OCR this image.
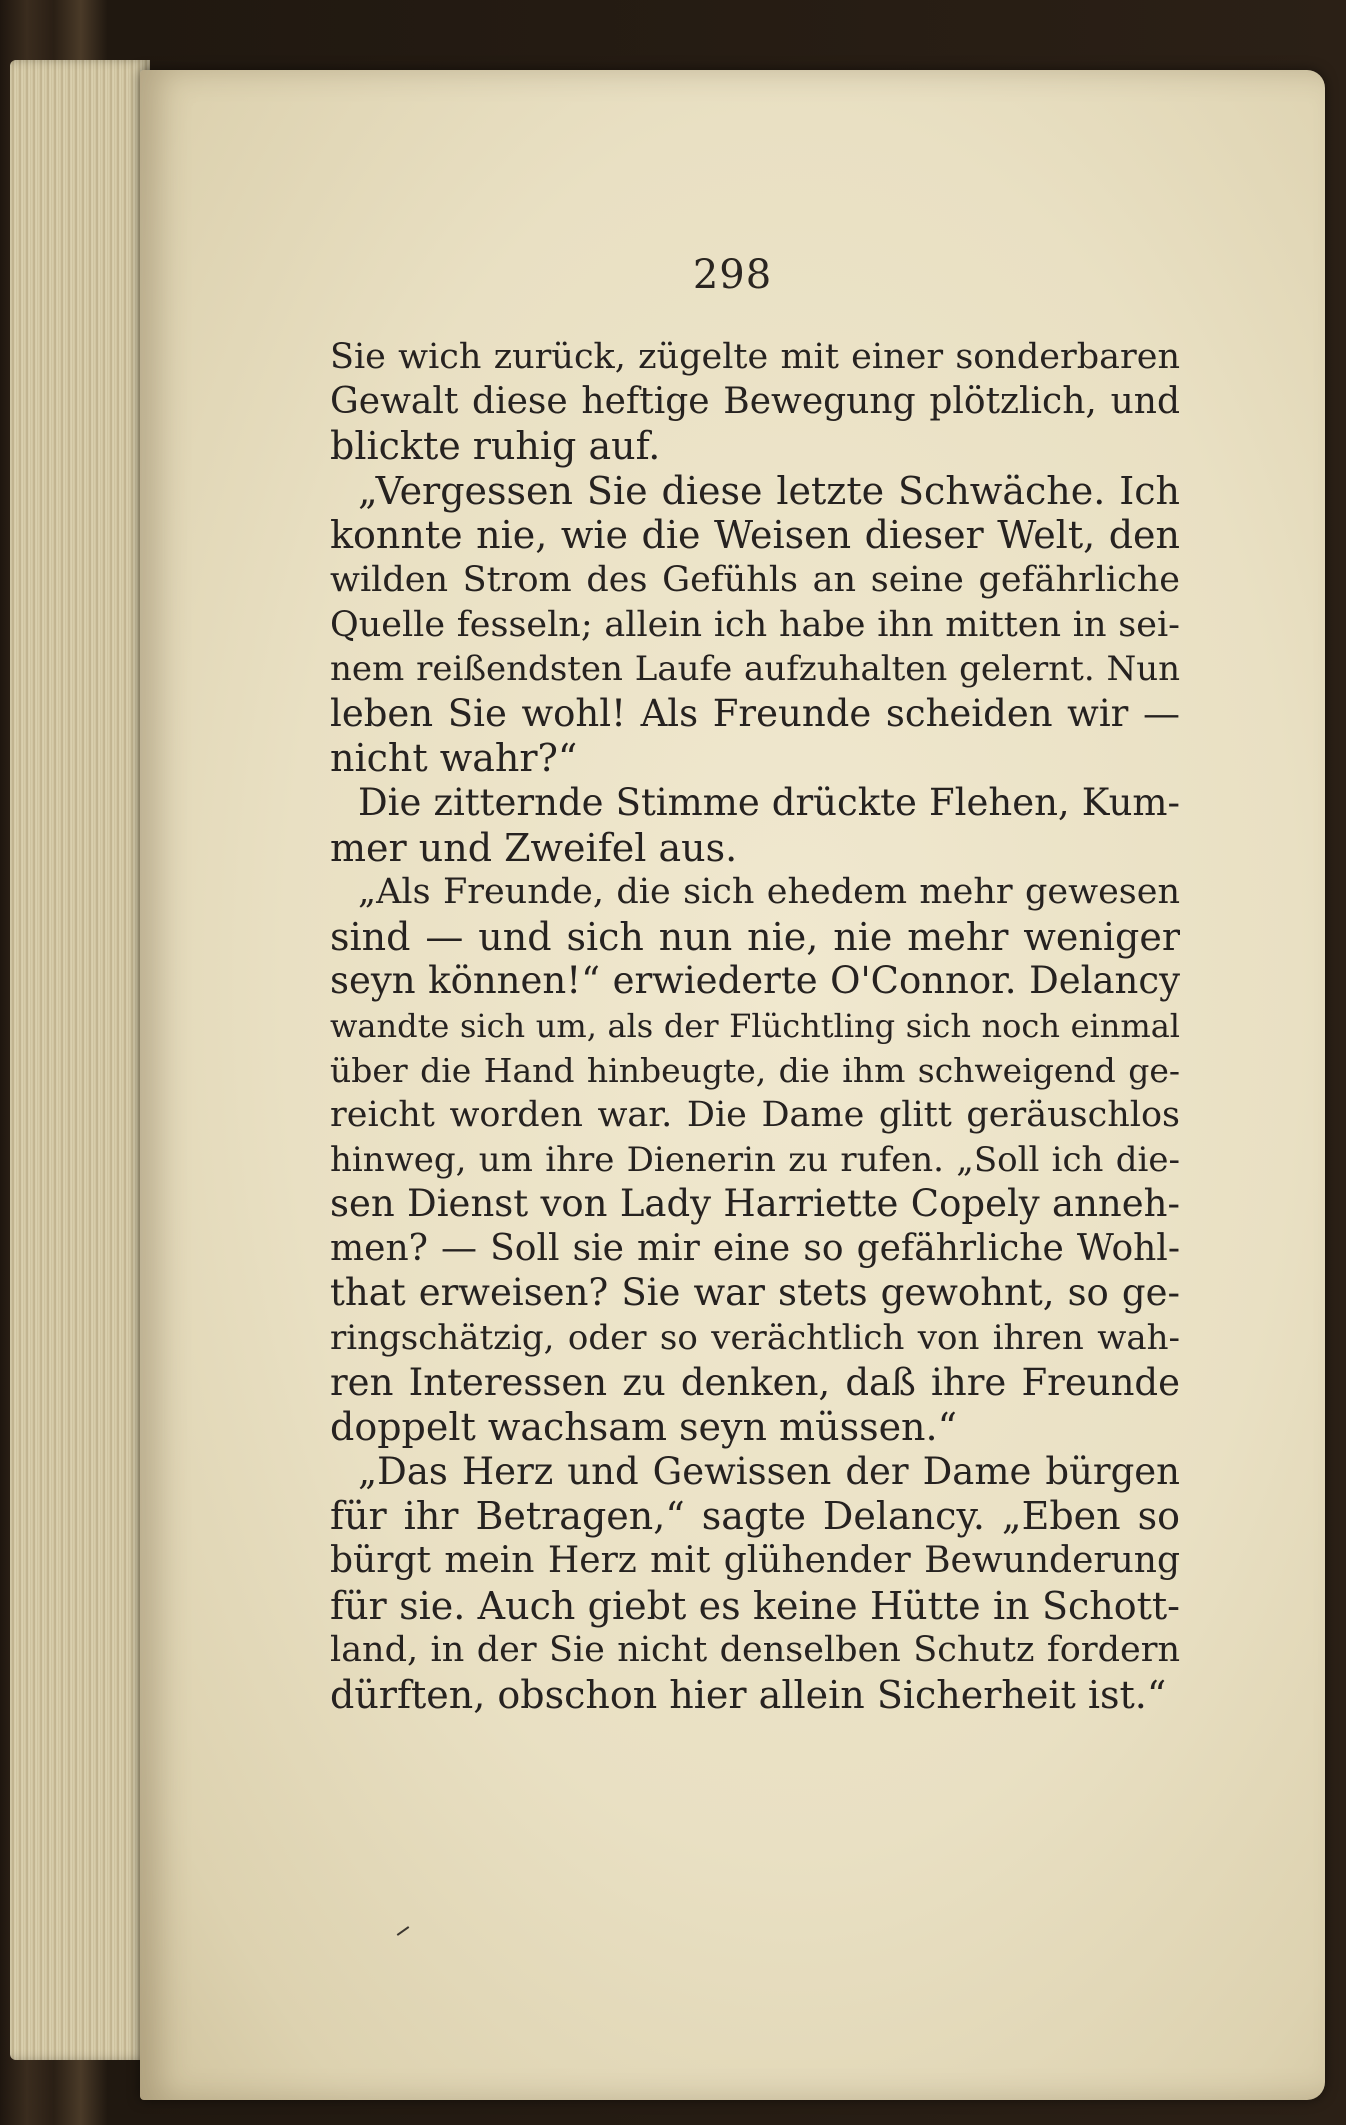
298
Sie wich zurück, zügelte mit einer sonderbaren
Gewalt diese heftige Bewegung plötzlich, und
blickte ruhig auf.
„Vergessen Sie diese letzte Schwäche. Ich
konnte nie, wie die Weisen dieser Welt, den
wilden Strom des Gefühls an seine gefährliche
Quelle fesseln; allein ich habe ihn mitten in sei-
nem reißendsten Laufe aufzuhalten gelernt. Nun
leben Sie wohl! Als Freunde scheiden wir —
nicht wahr?“
Die zitternde Stimme drückte Flehen, Kum-
mer und Zweifel aus.
„Als Freunde, die sich ehedem mehr gewesen
sind — und sich nun nie, nie mehr weniger
seyn können!“ erwiederte O'Connor. Delancy
wandte sich um, als der Flüchtling sich noch einmal
über die Hand hinbeugte, die ihm schweigend ge-
reicht worden war. Die Dame glitt geräuschlos
hinweg, um ihre Dienerin zu rufen. „Soll ich die-
sen Dienst von Lady Harriette Copely anneh-
men? — Soll sie mir eine so gefährliche Wohl-
that erweisen? Sie war stets gewohnt, so ge-
ringschätzig, oder so verächtlich von ihren wah-
ren Interessen zu denken, daß ihre Freunde
doppelt wachsam seyn müssen.“
„Das Herz und Gewissen der Dame bürgen
für ihr Betragen,“ sagte Delancy. „Eben so
bürgt mein Herz mit glühender Bewunderung
für sie. Auch giebt es keine Hütte in Schott-
land, in der Sie nicht denselben Schutz fordern
dürften, obschon hier allein Sicherheit ist.“
